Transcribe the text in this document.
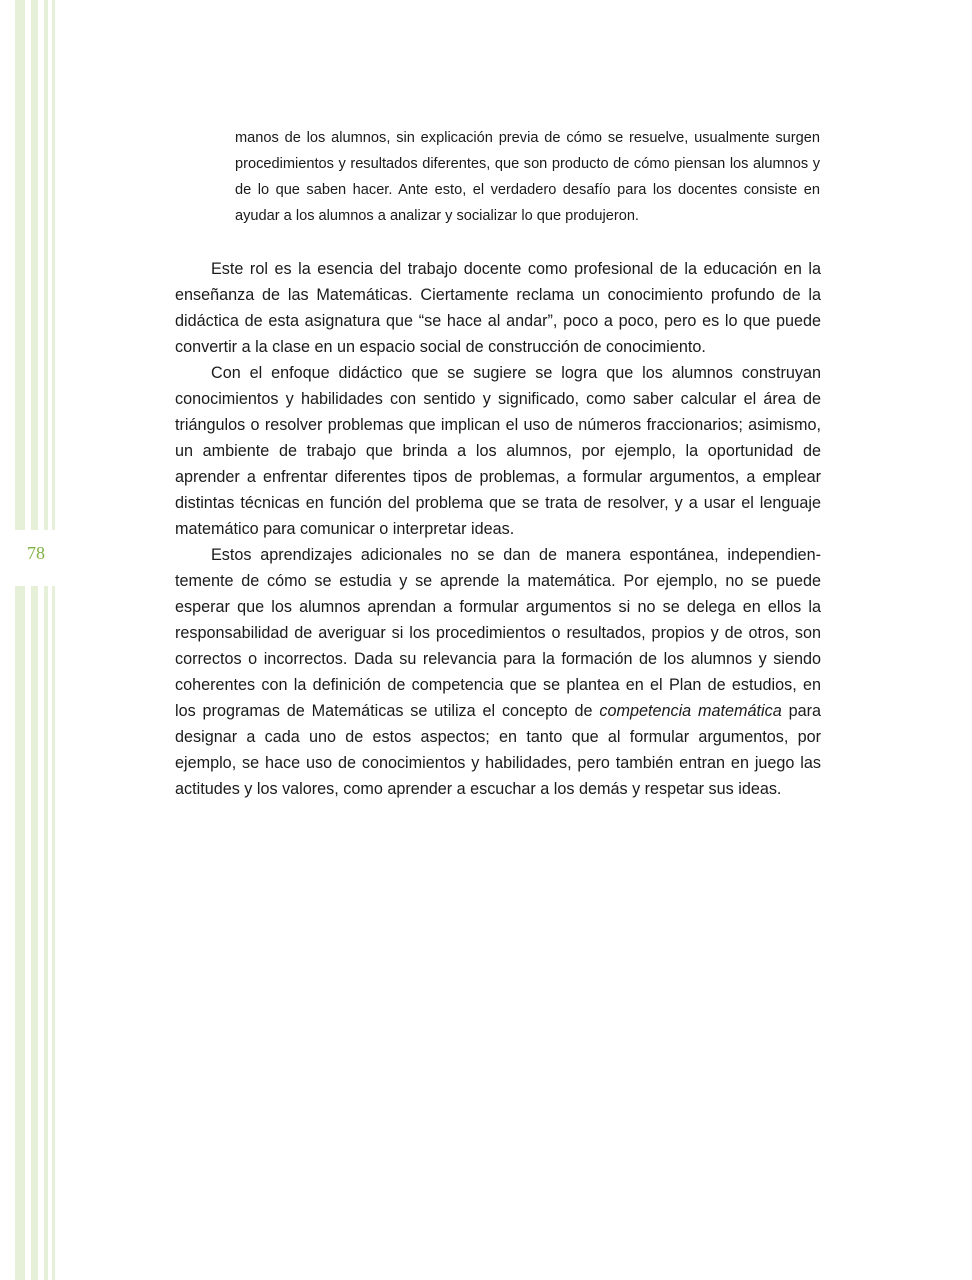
78

manos de los alumnos, sin explicación previa de cómo se resuelve, usualmente surgen procedimientos y resultados diferentes, que son producto de cómo piensan los alumnos y de lo que saben hacer. Ante esto, el verdadero desafío para los docentes consiste en ayudar a los alumnos a analizar y socializar lo que produjeron.

Este rol es la esencia del trabajo docente como profesional de la educación en la enseñanza de las Matemáticas. Ciertamente reclama un conocimiento profundo de la didáctica de esta asignatura que “se hace al andar”, poco a poco, pero es lo que puede convertir a la clase en un espacio social de construcción de conocimiento.

Con el enfoque didáctico que se sugiere se logra que los alumnos construyan conocimientos y habilidades con sentido y significado, como saber calcular el área de triángulos o resolver problemas que implican el uso de números fraccionarios; asimismo, un ambiente de trabajo que brinda a los alumnos, por ejemplo, la oportunidad de aprender a enfrentar diferentes tipos de problemas, a formular argumentos, a emplear distintas técnicas en función del problema que se trata de resolver, y a usar el lenguaje matemático para comunicar o interpretar ideas.

Estos aprendizajes adicionales no se dan de manera espontánea, independientemente de cómo se estudia y se aprende la matemática. Por ejemplo, no se puede esperar que los alumnos aprendan a formular argumentos si no se delega en ellos la responsabilidad de averiguar si los procedimientos o resultados, propios y de otros, son correctos o incorrectos. Dada su relevancia para la formación de los alumnos y siendo coherentes con la definición de competencia que se plantea en el Plan de estudios, en los programas de Matemáticas se utiliza el concepto de competencia matemática para designar a cada uno de estos aspectos; en tanto que al formular argumentos, por ejemplo, se hace uso de conocimientos y habilidades, pero también entran en juego las actitudes y los valores, como aprender a escuchar a los demás y respetar sus ideas.
